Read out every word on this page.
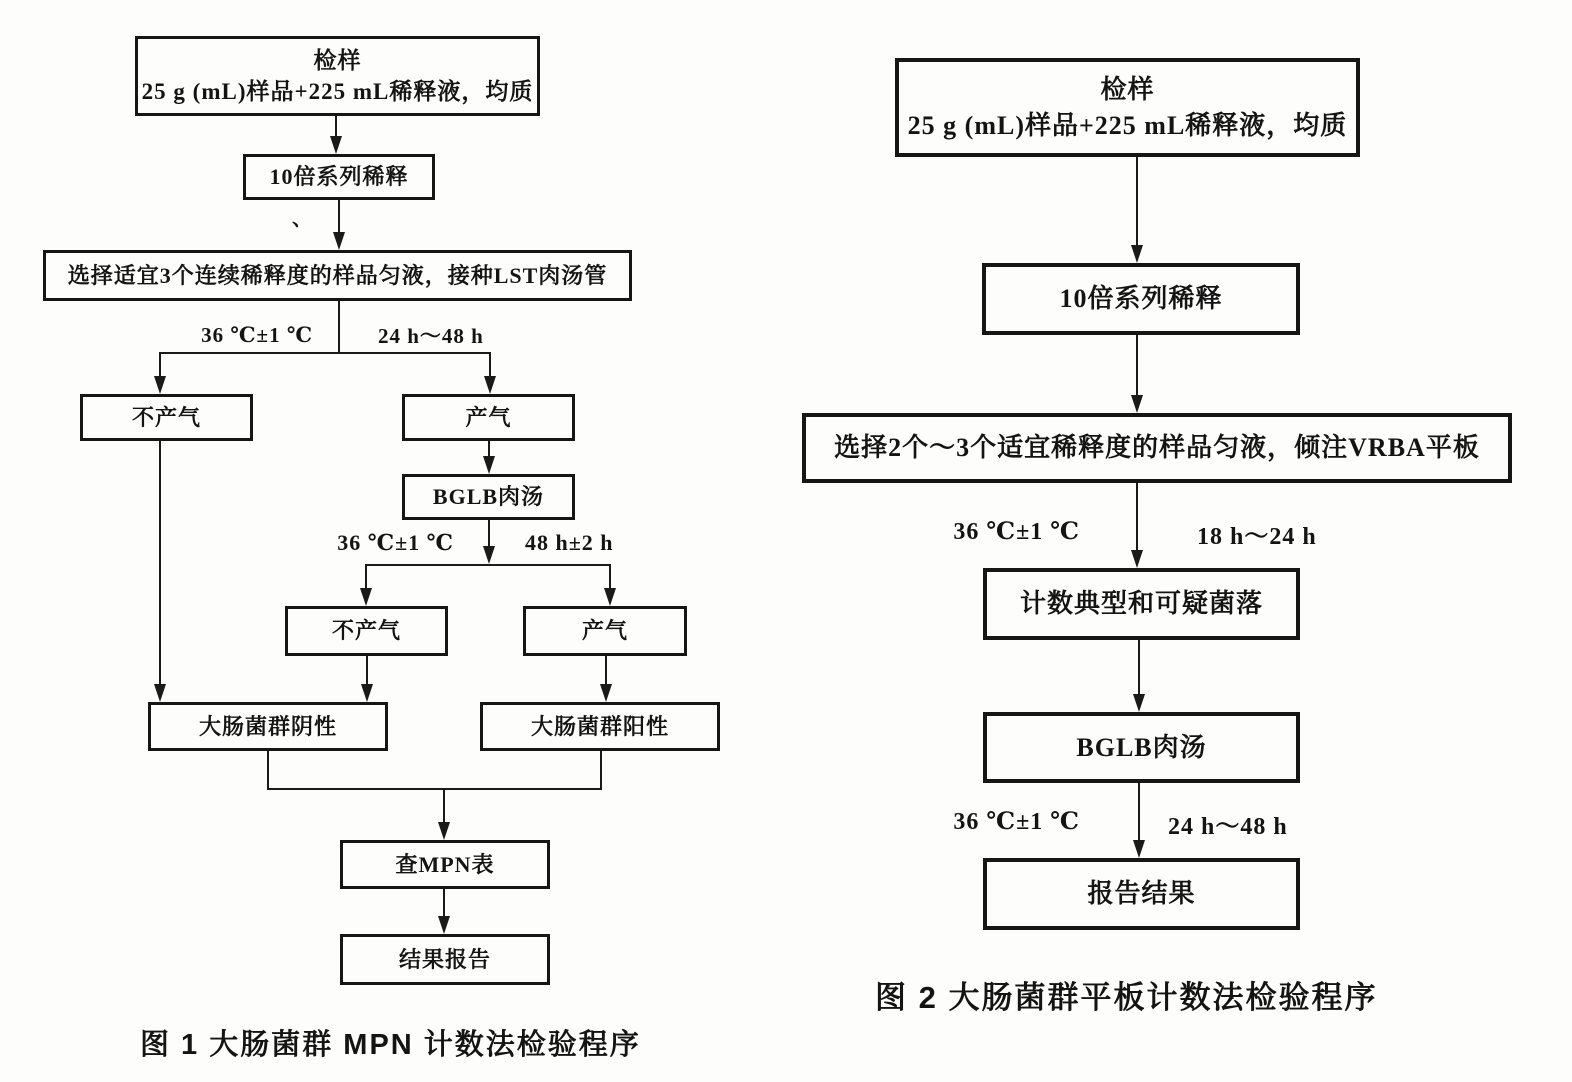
检样
25 g (mL)样品+225 mL稀释液，均质
10倍系列稀释
、
选择适宜3个连续稀释度的样品匀液，接种LST肉汤管
36 ℃±1 ℃	24 h～48 h
不产气	产气
BGLB肉汤
36 ℃±1 ℃	48 h±2 h
不产气	产气
大肠菌群阴性	大肠菌群阳性
查MPN表
结果报告
图 1 大肠菌群 MPN 计数法检验程序
检样
25 g (mL)样品+225 mL稀释液，均质
10倍系列稀释
选择2个～3个适宜稀释度的样品匀液，倾注VRBA平板
36 ℃±1 ℃	18 h～24 h
计数典型和可疑菌落
BGLB肉汤
36 ℃±1 ℃	24 h～48 h
报告结果
图 2 大肠菌群平板计数法检验程序
